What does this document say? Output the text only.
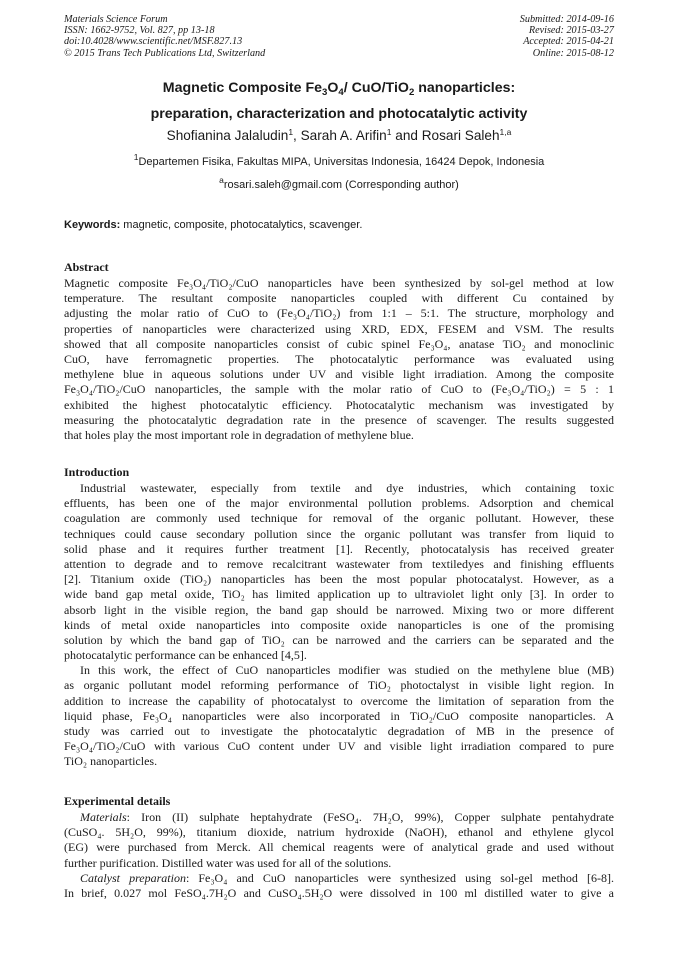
Materials Science Forum
ISSN: 1662-9752, Vol. 827, pp 13-18
doi:10.4028/www.scientific.net/MSF.827.13
© 2015 Trans Tech Publications Ltd, Switzerland
Submitted: 2014-09-16
Revised: 2015-03-27
Accepted: 2015-04-21
Online: 2015-08-12
Magnetic Composite $Fe_3O_4/$ CuO/TiO$_2$ nanoparticles:
preparation, characterization and photocatalytic activity
Shofianina Jalaludin$^1$, Sarah A. Arifin$^1$ and Rosari Saleh$^{1,a}$
$^1$Departemen Fisika, Fakultas MIPA, Universitas Indonesia, 16424 Depok, Indonesia
$^a$rosari.saleh@gmail.com (Corresponding author)
Keywords: magnetic, composite, photocatalytics, scavenger.
Abstract
Magnetic composite Fe₃O₄/TiO₂/CuO nanoparticles have been synthesized by sol-gel method at low
temperature. The resultant composite nanoparticles coupled with different Cu contained by
adjusting the molar ratio of CuO to (Fe₃O₄/TiO₂) from 1:1 – 5:1. The structure, morphology and
properties of nanoparticles were characterized using XRD, EDX, FESEM and VSM. The results
showed that all composite nanoparticles consist of cubic spinel Fe₃O₄, anatase TiO₂ and monoclinic
CuO, have ferromagnetic properties. The photocatalytic performance was evaluated using
methylene blue in aqueous solutions under UV and visible light irradiation. Among the composite
Fe₃O₄/TiO₂/CuO nanoparticles, the sample with the molar ratio of CuO to (Fe₃O₄/TiO₂) = 5 : 1
exhibited the highest photocatalytic efficiency. Photocatalytic mechanism was investigated by
measuring the photocatalytic degradation rate in the presence of scavenger. The results suggested
that holes play the most important role in degradation of methylene blue.
Introduction
Industrial wastewater, especially from textile and dye industries, which containing toxic
effluents, has been one of the major environmental pollution problems. Adsorption and chemical
coagulation are commonly used technique for removal of the organic pollutant. However, these
techniques could cause secondary pollution since the organic pollutant was transfer from liquid to
solid phase and it requires further treatment [1]. Recently, photocatalysis has received greater
attention to degrade and to remove recalcitrant wastewater from textiledyes and finishing effluents
[2]. Titanium oxide (TiO₂) nanoparticles has been the most popular photocatalyst. However, as a
wide band gap metal oxide, TiO₂ has limited application up to ultraviolet light only [3]. In order to
absorb light in the visible region, the band gap should be narrowed. Mixing two or more different
kinds of metal oxide nanoparticles into composite oxide nanoparticles is one of the promising
solution by which the band gap of TiO₂ can be narrowed and the carriers can be separated and the
photocatalytic performance can be enhanced [4,5].
In this work, the effect of CuO nanoparticles modifier was studied on the methylene blue (MB)
as organic pollutant model reforming performance of TiO₂ photoctalyst in visible light region. In
addition to increase the capability of photocatalyst to overcome the limitation of separation from the
liquid phase, Fe₃O₄ nanoparticles were also incorporated in TiO₂/CuO composite nanoparticles. A
study was carried out to investigate the photocatalytic degradation of MB in the presence of
Fe₃O₄/TiO₂/CuO with various CuO content under UV and visible light irradiation compared to pure
TiO₂ nanoparticles.
Experimental details
Materials: Iron (II) sulphate heptahydrate (FeSO₄. 7H₂O, 99%), Copper sulphate pentahydrate
(CuSO₄. 5H₂O, 99%), titanium dioxide, natrium hydroxide (NaOH), ethanol and ethylene glycol
(EG) were purchased from Merck. All chemical reagents were of analytical grade and used without
further purification. Distilled water was used for all of the solutions.
Catalyst preparation: Fe₃O₄ and CuO nanoparticles were synthesized using sol-gel method [6-8].
In brief, 0.027 mol FeSO₄.7H₂O and CuSO₄.5H₂O were dissolved in 100 ml distilled water to give a
